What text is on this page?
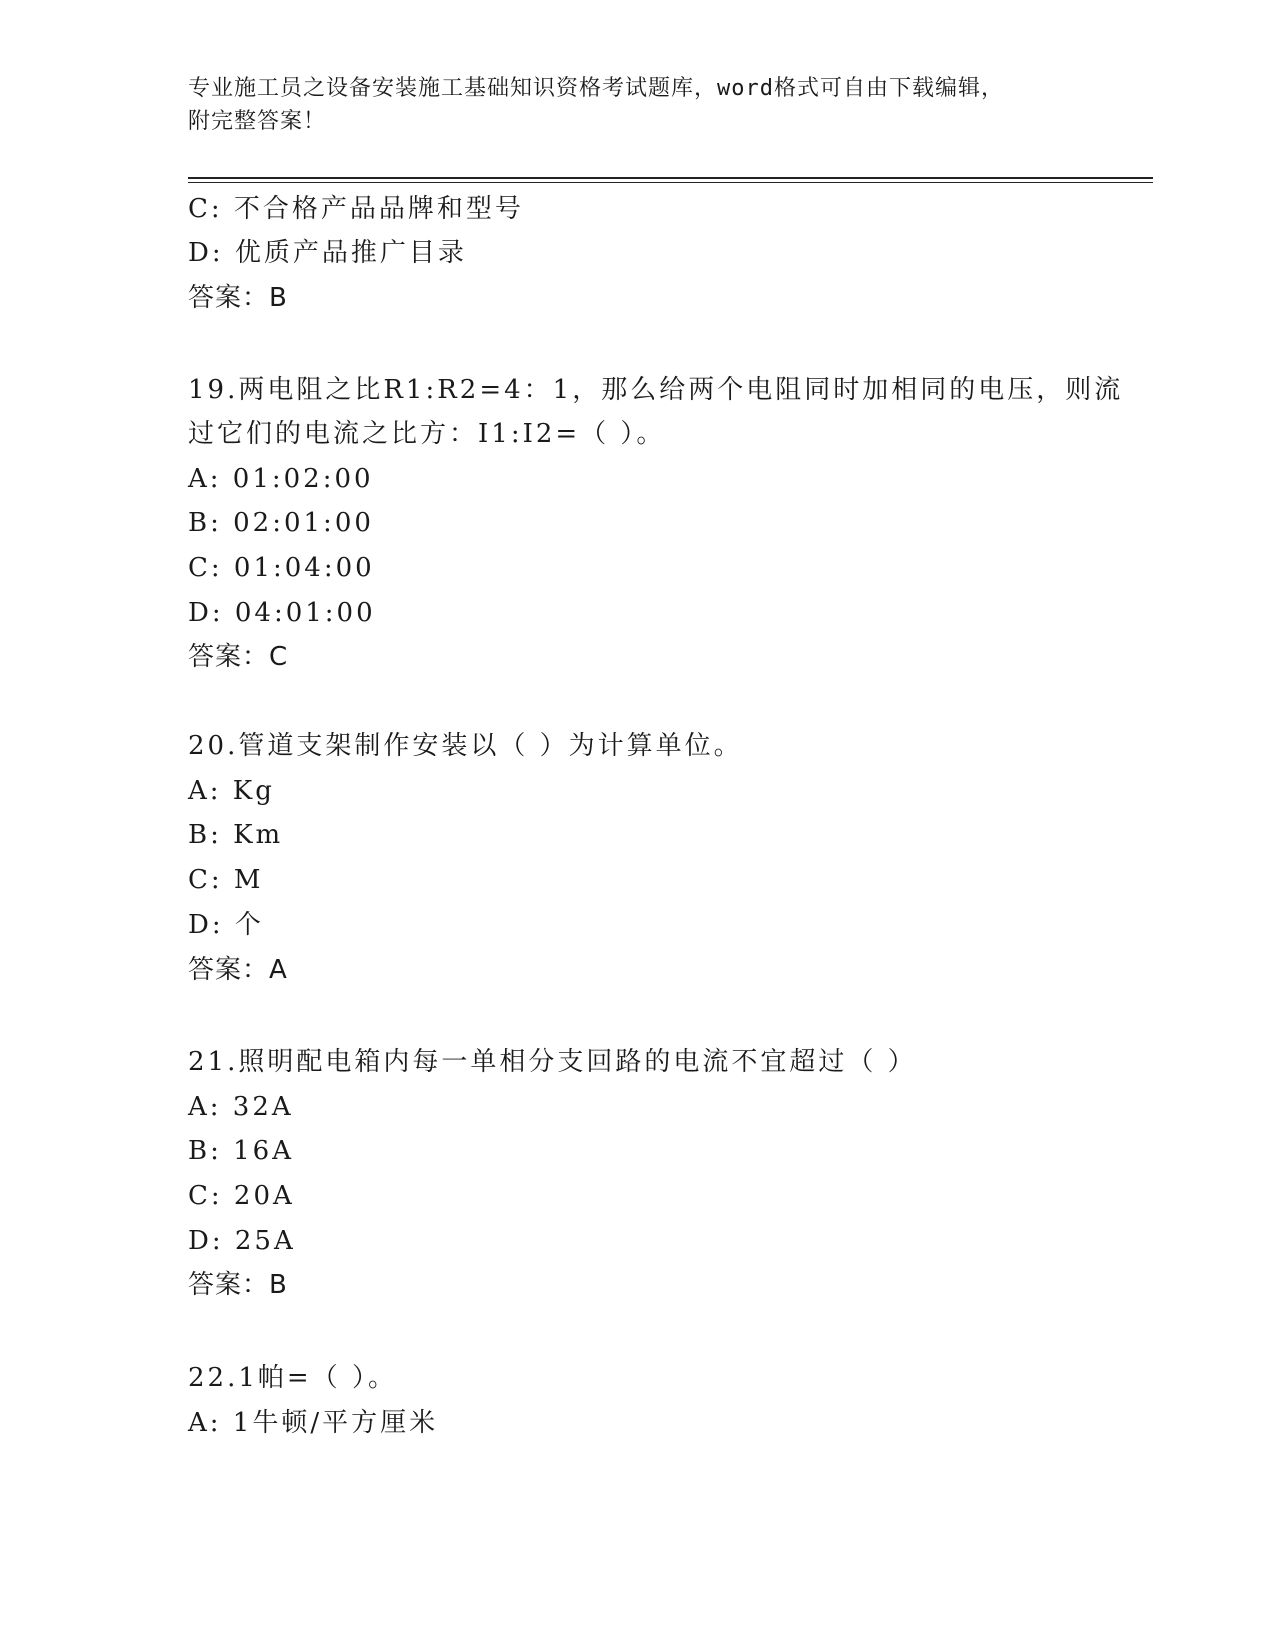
专业施工员之设备安装施工基础知识资格考试题库，word格式可自由下载编辑，
附完整答案！
C: 不合格产品品牌和型号
D: 优质产品推广目录
答案：B
19.两电阻之比R1:R2=4：1，那么给两个电阻同时加相同的电压，则流
过它们的电流之比方：I1:I2=（ ）。
A: 01:02:00
B: 02:01:00
C: 01:04:00
D: 04:01:00
答案：C
20.管道支架制作安装以（ ）为计算单位。
A: Kg
B: Km
C: M
D: 个
答案：A
21.照明配电箱内每一单相分支回路的电流不宜超过（ ）
A: 32A
B: 16A
C: 20A
D: 25A
答案：B
22.1帕=（ ）。
A: 1牛顿/平方厘米
